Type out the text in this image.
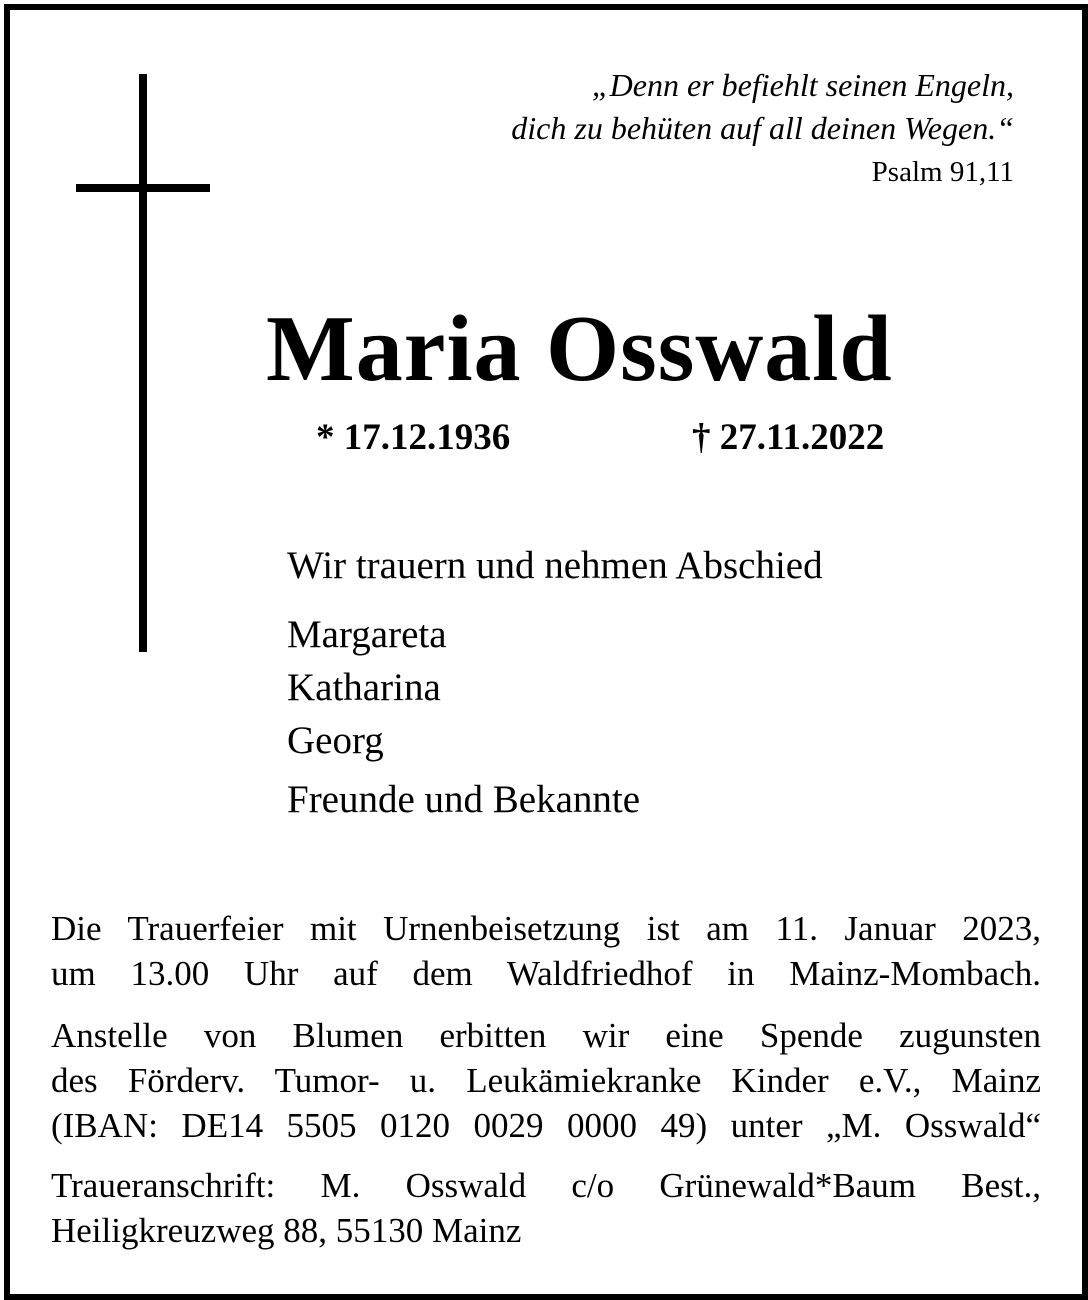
„Denn er befiehlt seinen Engeln,
dich zu behüten auf all deinen Wegen.“
Psalm 91,11
Maria Osswald
* 17.12.1936	† 27.11.2022
Wir trauern und nehmen Abschied
Margareta
Katharina
Georg
Freunde und Bekannte
Die Trauerfeier mit Urnenbeisetzung ist am 11. Januar 2023,
um 13.00 Uhr auf dem Waldfriedhof in Mainz-Mombach.
Anstelle von Blumen erbitten wir eine Spende zugunsten
des Förderv. Tumor- u. Leukämiekranke Kinder e.V., Mainz
(IBAN: DE14 5505 0120 0029 0000 49) unter „M. Osswald“
Traueranschrift: M. Osswald c/o Grünewald*Baum Best.,
Heiligkreuzweg 88, 55130 Mainz
